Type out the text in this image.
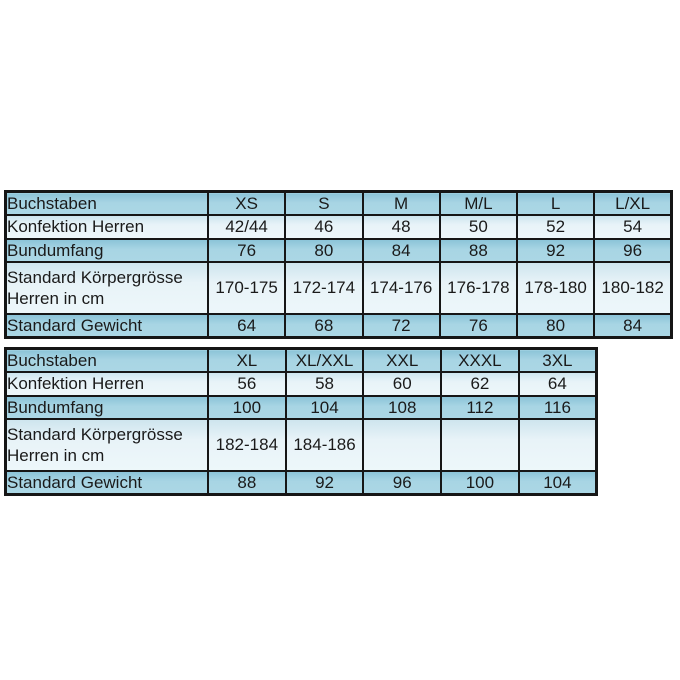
Buchstaben	XS	S	M	M/L	L	L/XL
Konfektion Herren	42/44	46	48	50	52	54
Bundumfang	76	80	84	88	92	96
Standard Körpergrösse Herren in cm	170-175	172-174	174-176	176-178	178-180	180-182
Standard Gewicht	64	68	72	76	80	84
Buchstaben	XL	XL/XXL	XXL	XXXL	3XL
Konfektion Herren	56	58	60	62	64
Bundumfang	100	104	108	112	116
Standard Körpergrösse Herren in cm	182-184	184-186			
Standard Gewicht	88	92	96	100	104
